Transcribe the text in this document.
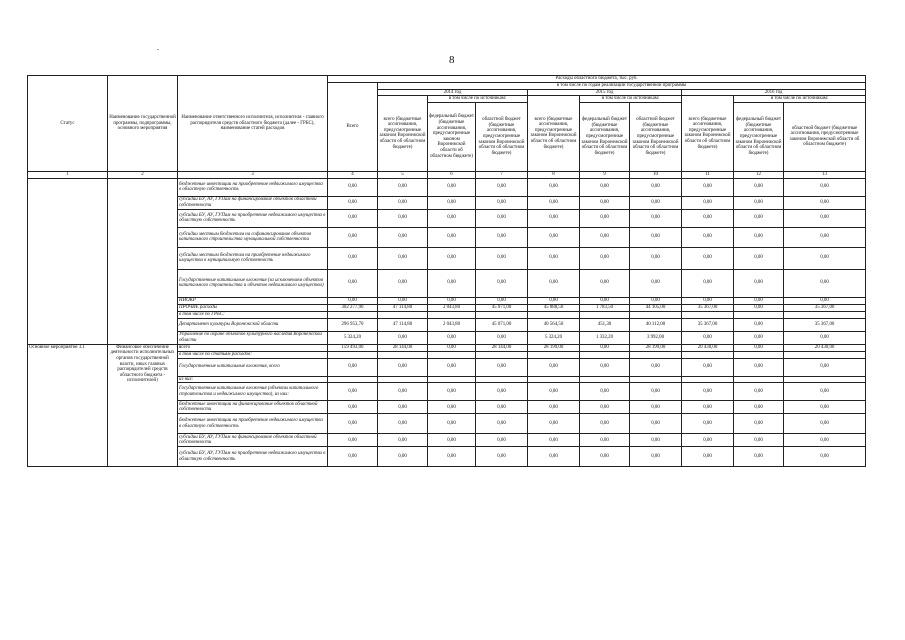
.
8
Статус	Наименование государственной программы, подпрограммы, основного мероприятия	Наименование ответственного исполнителя, исполнителя - главного распорядителя средств областного бюджета (далее - ГРБС), наименование статей расходов	Расходы областного бюджета, тыс. руб.									
			Всего	в том числе по годам реализации государственной программы								
				2014 год			2015 год			2016 год		
				всего (бюджетные ассигнования, предусмотренные законом Воронежской области об областном бюджете)	в том числе по источникам:		всего (бюджетные ассигнования, предусмотренные законом Воронежской области об областном бюджете)	в том числе по источникам:		всего (бюджетные ассигнования, предусмотренные законом Воронежской области об областном бюджете)	в том числе по источникам:	
					федеральный бюджет (бюджетные ассигнования, предусмотренные законом Воронежской области об областном бюджете)	областной бюджет (бюджетные ассигнования, предусмотренные законом Воронежской области об областном бюджете)		федеральный бюджет (бюджетные ассигнования, предусмотренные законом Воронежской области об областном бюджете)	областной бюджет (бюджетные ассигнования, предусмотренные законом Воронежской области об областном бюджете)		федеральный бюджет (бюджетные ассигнования, предусмотренные законом Воронежской области об областном бюджете)	областной бюджет (бюджетные ассигнования, предусмотренные законом Воронежской области об областном бюджете)
1	2	3	4	5	6	7	8	9	10	11	12	13
		бюджетные инвестиции на приобретение недвижимого имущества в областную собственность	0,00	0,00	0,00	0,00	0,00	0,00	0,00	0,00	0,00	0,00
		субсидии БУ, АУ, ГУПам на финансирование объектов областной собственности	0,00	0,00	0,00	0,00	0,00	0,00	0,00	0,00	0,00	0,00
		субсидии БУ, АУ, ГУПам на приобретение недвижимого имущества в областную собственность	0,00	0,00	0,00	0,00	0,00	0,00	0,00	0,00	0,00	0,00
		субсидии местным бюджетам на софинансирование объектов капитального строительства муниципальной собственности	0,00	0,00	0,00	0,00	0,00	0,00	0,00	0,00	0,00	0,00
		субсидии местным бюджетам на приобретение недвижимого имущества в муниципальную собственность	0,00	0,00	0,00	0,00	0,00	0,00	0,00	0,00	0,00	0,00
		Государственные капитальные вложения (за исключением объектов капитального строительства и объектов недвижимого имущества)	0,00	0,00	0,00	0,00	0,00	0,00	0,00	0,00	0,00	0,00
		НИОКР	0,00	0,00	0,00	0,00	0,00	0,00	0,00	0,00	0,00	0,00
		ПРОЧИЕ расходы	302 277,90	47 114,80	2 043,80	45 071,00	45 888,50	1 783,50	44 105,00	35 367,00	0,00	35 367,00
		в том числе по ГРБС:										
		Департамент культуры Воронежской области	296 953,70	47 114,80	2 043,80	45 071,00	40 564,50	451,30	40 112,00	35 367,00	0,00	35 367,00
		Управление по охране объектов культурного наследия Воронежской области	5 324,20	0,00	0,00	0,00	5 324,20	1 332,20	3 992,00	0,00	0,00	0,00
Основное мероприятие 3.1	Финансовое обеспечение деятельности исполнительных органов государственной власти, иных главных распорядителей средств областного бюджета - исполнителей)	всего	159 493,00	28 144,00	0,00	28 144,00	28 199,00	0,00	28 199,00	20 430,00	0,00	20 430,00
		в том числе по статьям расходов:										
		Государственные капитальные вложения, всего	0,00	0,00	0,00	0,00	0,00	0,00	0,00	0,00	0,00	0,00
		из них:										
		Государственные капитальные вложения (объекты капитального строительства и недвижимого имущества), из них:	0,00	0,00	0,00	0,00	0,00	0,00	0,00	0,00	0,00	0,00
		бюджетные инвестиции на финансирование объектов областной собственности	0,00	0,00	0,00	0,00	0,00	0,00	0,00	0,00	0,00	0,00
		бюджетные инвестиции на приобретение недвижимого имущества в областную собственность	0,00	0,00	0,00	0,00	0,00	0,00	0,00	0,00	0,00	0,00
		субсидии БУ, АУ, ГУПам на финансирование объектов областной собственности	0,00	0,00	0,00	0,00	0,00	0,00	0,00	0,00	0,00	0,00
		субсидии БУ, АУ, ГУПам на приобретение недвижимого имущества в областную собственность	0,00	0,00	0,00	0,00	0,00	0,00	0,00	0,00	0,00	0,00
